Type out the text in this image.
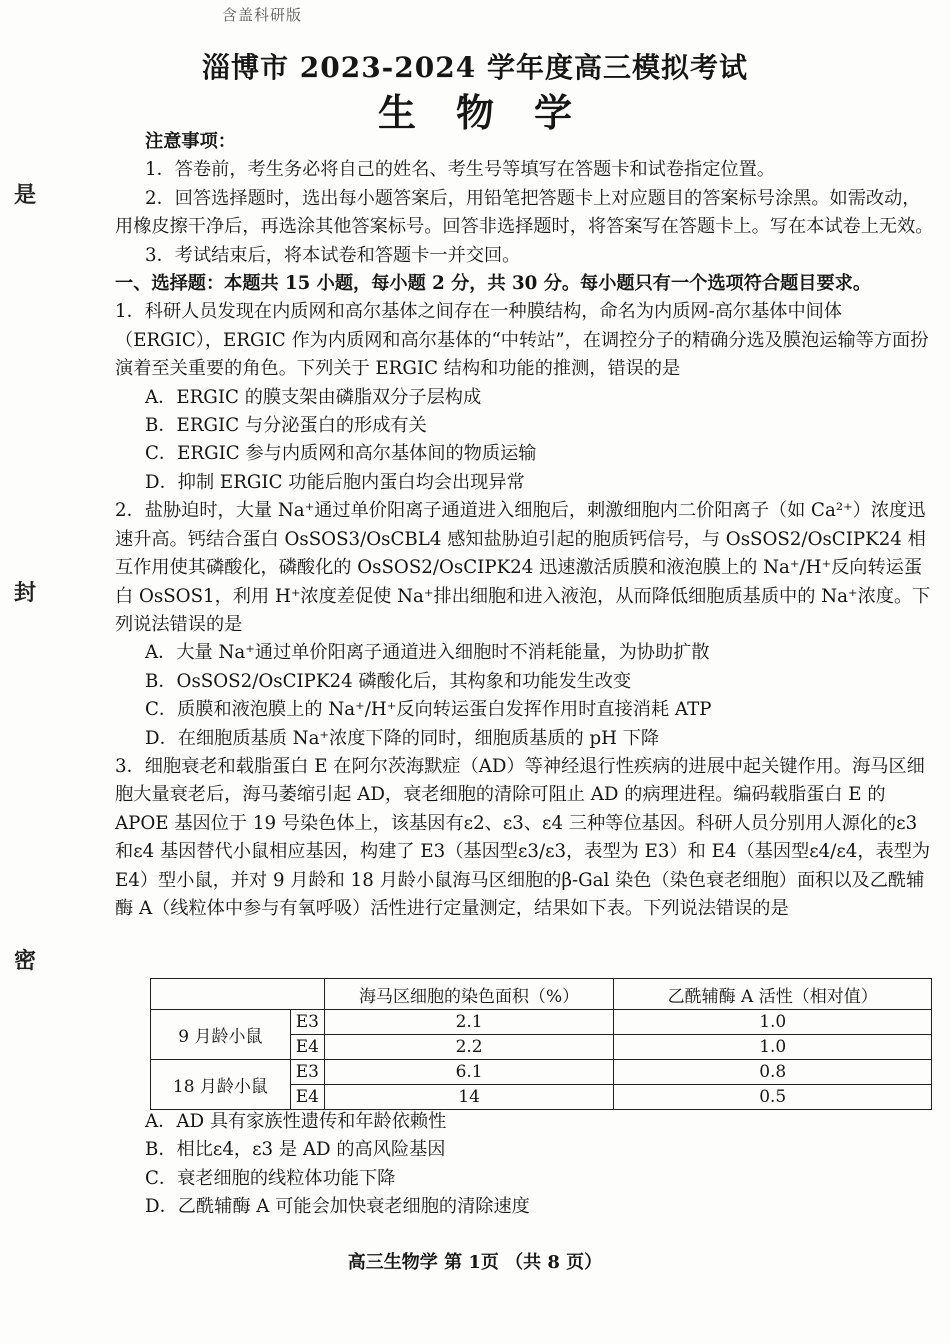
含盖科研版
淄博市 2023-2024 学年度高三模拟考试
生物学
是
封
密

注意事项：

1．答卷前，考生务必将自己的姓名、考生号等填写在答题卡和试卷指定位置。

2．回答选择题时，选出每小题答案后，用铅笔把答题卡上对应题目的答案标号涂黑。如需改动，用橡皮擦干净后，再选涂其他答案标号。回答非选择题时，将答案写在答题卡上。写在本试卷上无效。

3．考试结束后，将本试卷和答题卡一并交回。

一、选择题：本题共 15 小题，每小题 2 分，共 30 分。每小题只有一个选项符合题目要求。

1．科研人员发现在内质网和高尔基体之间存在一种膜结构，命名为内质网-高尔基体中间体（ERGIC），ERGIC 作为内质网和高尔基体的“中转站”，在调控分子的精确分选及膜泡运输等方面扮演着至关重要的角色。下列关于 ERGIC 结构和功能的推测，错误的是

A．ERGIC 的膜支架由磷脂双分子层构成

B．ERGIC 与分泌蛋白的形成有关

C．ERGIC 参与内质网和高尔基体间的物质运输

D．抑制 ERGIC 功能后胞内蛋白均会出现异常

2．盐胁迫时，大量 Na⁺通过单价阳离子通道进入细胞后，刺激细胞内二价阳离子（如 Ca²⁺）浓度迅速升高。钙结合蛋白 OsSOS3/OsCBL4 感知盐胁迫引起的胞质钙信号，与 OsSOS2/OsCIPK24 相互作用使其磷酸化，磷酸化的 OsSOS2/OsCIPK24 迅速激活质膜和液泡膜上的 Na⁺/H⁺反向转运蛋白 OsSOS1，利用 H⁺浓度差促使 Na⁺排出细胞和进入液泡，从而降低细胞质基质中的 Na⁺浓度。下列说法错误的是

A．大量 Na⁺通过单价阳离子通道进入细胞时不消耗能量，为协助扩散

B．OsSOS2/OsCIPK24 磷酸化后，其构象和功能发生改变

C．质膜和液泡膜上的 Na⁺/H⁺反向转运蛋白发挥作用时直接消耗 ATP

D．在细胞质基质 Na⁺浓度下降的同时，细胞质基质的 pH 下降

3．细胞衰老和载脂蛋白 E 在阿尔茨海默症（AD）等神经退行性疾病的进展中起关键作用。海马区细胞大量衰老后，海马萎缩引起 AD，衰老细胞的清除可阻止 AD 的病理进程。编码载脂蛋白 E 的 APOE 基因位于 19 号染色体上，该基因有ε2、ε3、ε4 三种等位基因。科研人员分别用人源化的ε3 和ε4 基因替代小鼠相应基因，构建了 E3（基因型ε3/ε3，表型为 E3）和 E4（基因型ε4/ε4，表型为 E4）型小鼠，并对 9 月龄和 18 月龄小鼠海马区细胞的β-Gal 染色（染色衰老细胞）面积以及乙酰辅酶 A（线粒体中参与有氧呼吸）活性进行定量测定，结果如下表。下列说法错误的是

		海马区细胞的染色面积（%）	乙酰辅酶 A 活性（相对值）
9 月龄小鼠	E3	2.1	1.0
	E4	2.2	1.0
18 月龄小鼠	E3	6.1	0.8
	E4	14	0.5

A．AD 具有家族性遗传和年龄依赖性

B．相比ε4，ε3 是 AD 的高风险基因

C．衰老细胞的线粒体功能下降

D．乙酰辅酶 A 可能会加快衰老细胞的清除速度

高三生物学 第 1页 （共 8 页）
